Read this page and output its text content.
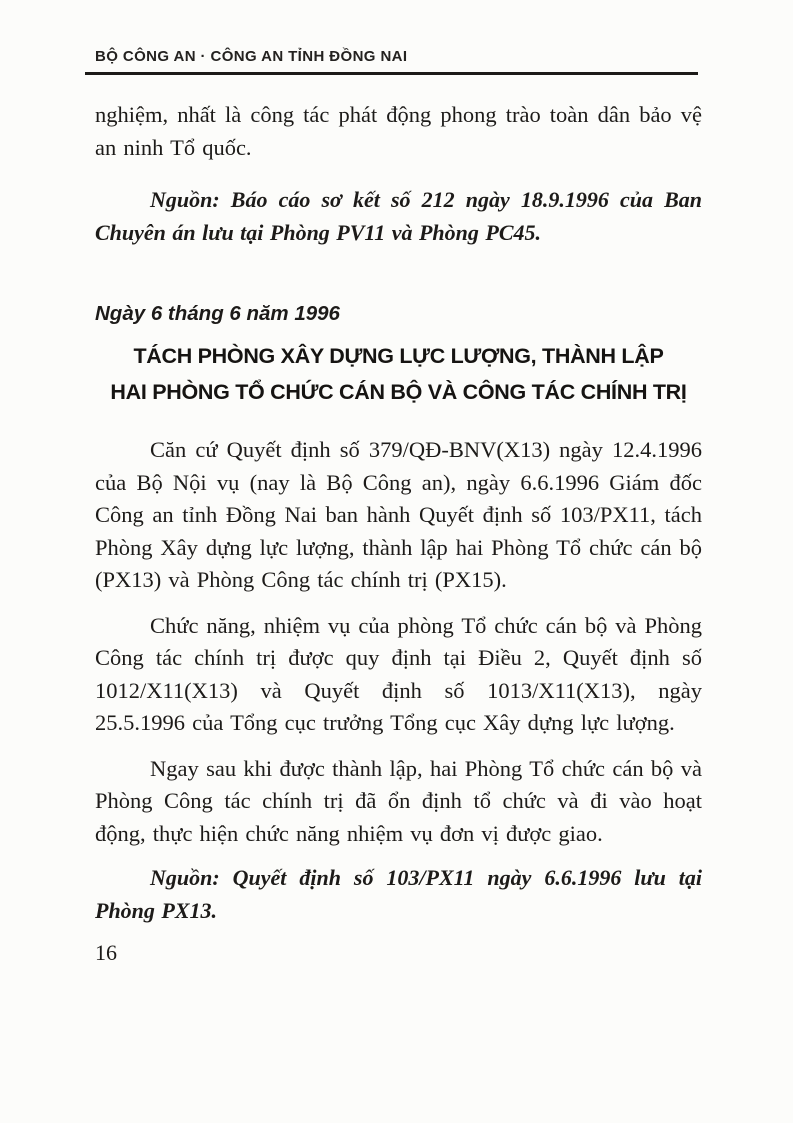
BỘ CÔNG AN · CÔNG AN TỈNH ĐỒNG NAI

nghiệm, nhất là công tác phát động phong trào toàn dân bảo vệ an ninh Tổ quốc.

Nguồn: Báo cáo sơ kết số 212 ngày 18.9.1996 của Ban Chuyên án lưu tại Phòng PV11 và Phòng PC45.

Ngày 6 tháng 6 năm 1996
TÁCH PHÒNG XÂY DỰNG LỰC LƯỢNG, THÀNH LẬP
HAI PHÒNG TỔ CHỨC CÁN BỘ VÀ CÔNG TÁC CHÍNH TRỊ

Căn cứ Quyết định số 379/QĐ-BNV(X13) ngày 12.4.1996 của Bộ Nội vụ (nay là Bộ Công an), ngày 6.6.1996 Giám đốc Công an tỉnh Đồng Nai ban hành Quyết định số 103/PX11, tách Phòng Xây dựng lực lượng, thành lập hai Phòng Tổ chức cán bộ (PX13) và Phòng Công tác chính trị (PX15).

Chức năng, nhiệm vụ của phòng Tổ chức cán bộ và Phòng Công tác chính trị được quy định tại Điều 2, Quyết định số 1012/X11(X13) và Quyết định số 1013/X11(X13), ngày 25.5.1996 của Tổng cục trưởng Tổng cục Xây dựng lực lượng.

Ngay sau khi được thành lập, hai Phòng Tổ chức cán bộ và Phòng Công tác chính trị đã ổn định tổ chức và đi vào hoạt động, thực hiện chức năng nhiệm vụ đơn vị được giao.

Nguồn: Quyết định số 103/PX11 ngày 6.6.1996 lưu tại Phòng PX13.

16
